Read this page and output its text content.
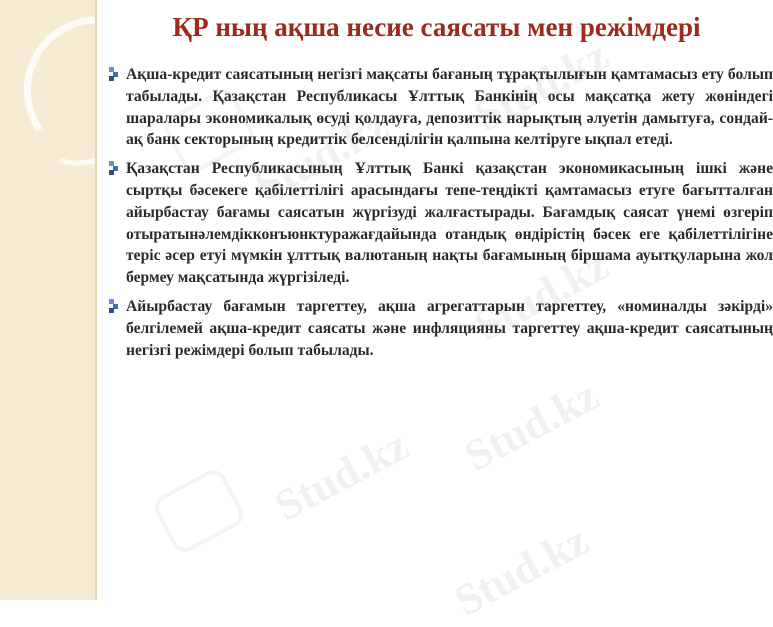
Stud.kz
Stud.kz
Stud.kz
Stud.kz
Stud.kz
Stud.kz
ҚР ның ақша несие саясаты мен режімдері

Ақша-кредит саясатының негізгі мақсаты бағаның тұрақтылығын қамтамасыз ету болып табылады. Қазақстан Республикасы Ұлттық Банкінің осы мақсатқа жету жөніндегі шаралары экономикалық өсуді қолдауға, депозиттік нарықтың әлуетін дамытуға, сондай-ақ банк секторының кредиттік белсенділігін қалпына келтіруге ықпал етеді.

Қазақстан Республикасының Ұлттық Банкі қазақстан экономикасының ішкі және сыртқы бәсекеге қабілеттілігі арасындағы тепе-теңдікті қамтамасыз етуге бағытталған айырбастау бағамы саясатын жүргізуді жалғастырады. Бағамдық саясат үнемі өзгеріп отыратынәлемдікконъюнктуражағдайында отандық өндірістің бәсек еге қабілеттілігіне теріс әсер етуі мүмкін ұлттық валютаның нақты бағамының біршама ауытқуларына жол бермеу мақсатында жүргізіледі.

Айырбастау бағамын таргеттеу, ақша агрегаттарын таргеттеу, «номиналды зәкірді» белгілемей ақша-кредит саясаты және инфляцияны таргеттеу ақша-кредит саясатының негізгі режімдері болып табылады.
